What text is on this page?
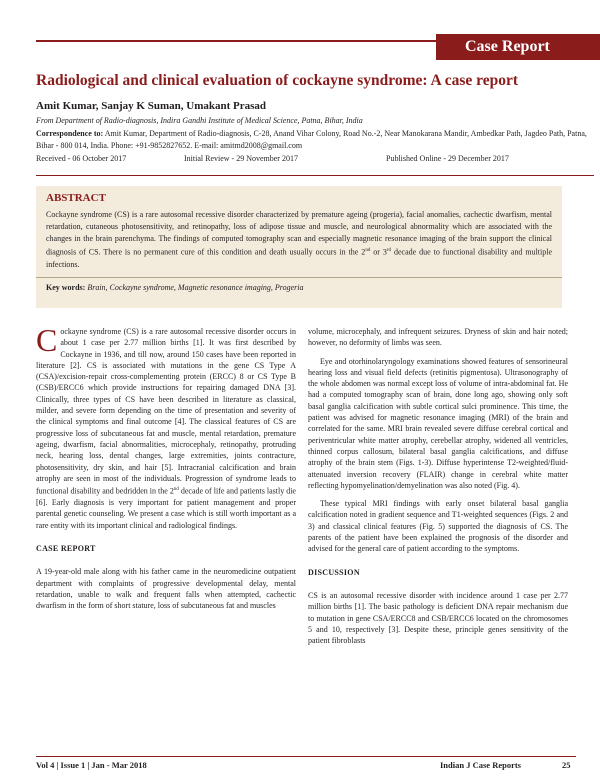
Case Report
Radiological and clinical evaluation of cockayne syndrome: A case report
Amit Kumar, Sanjay K Suman, Umakant Prasad
From Department of Radio-diagnosis, Indira Gandhi Institute of Medical Science, Patna, Bihar, India
Correspondence to: Amit Kumar, Department of Radio-diagnosis, C-28, Anand Vihar Colony, Road No.-2, Near Manokarana Mandir, Ambedkar Path, Jagdeo Path, Patna, Bihar - 800 014, India. Phone: +91-9852827652. E-mail: amitmd2008@gmail.com
Received - 06 October 2017	Initial Review - 29 November 2017	Published Online - 29 December 2017
ABSTRACT
Cockayne syndrome (CS) is a rare autosomal recessive disorder characterized by premature ageing (progeria), facial anomalies, cachectic dwarfism, mental retardation, cutaneous photosensitivity, and retinopathy, loss of adipose tissue and muscle, and neurological abnormality which are associated with the changes in the brain parenchyma. The findings of computed tomography scan and especially magnetic resonance imaging of the brain support the clinical diagnosis of CS. There is no permanent cure of this condition and death usually occurs in the 2nd or 3rd decade due to functional disability and multiple infections.
Key words: Brain, Cockayne syndrome, Magnetic resonance imaging, Progeria

Cockayne syndrome (CS) is a rare autosomal recessive disorder occurs in about 1 case per 2.77 million births [1]. It was first described by Cockayne in 1936, and till now, around 150 cases have been reported in literature [2]. CS is associated with mutations in the gene CS Type A (CSA)/excision-repair cross-complementing protein (ERCC) 8 or CS Type B (CSB)/ERCC6 which provide instructions for repairing damaged DNA [3]. Clinically, three types of CS have been described in literature as classical, milder, and severe form depending on the time of presentation and severity of the clinical symptoms and final outcome [4]. The classical features of CS are progressive loss of subcutaneous fat and muscle, mental retardation, premature ageing, dwarfism, facial abnormalities, microcephaly, retinopathy, protruding neck, hearing loss, dental changes, large extremities, joints contracture, photosensitivity, dry skin, and hair [5]. Intracranial calcification and brain atrophy are seen in most of the individuals. Progression of syndrome leads to functional disability and bedridden in the 2nd decade of life and patients lastly die [6]. Early diagnosis is very important for patient management and proper parental genetic counseling. We present a case which is still worth important as a rare entity with its important clinical and radiological findings.

CASE REPORT

A 19-year-old male along with his father came in the neuromedicine outpatient department with complaints of progressive developmental delay, mental retardation, unable to walk and frequent falls when attempted, cachectic dwarfism in the form of short stature, loss of subcutaneous fat and muscles

volume, microcephaly, and infrequent seizures. Dryness of skin and hair noted; however, no deformity of limbs was seen.

Eye and otorhinolaryngology examinations showed features of sensorineural hearing loss and visual field defects (retinitis pigmentosa). Ultrasonography of the whole abdomen was normal except loss of volume of intra-abdominal fat. He had a computed tomography scan of brain, done long ago, showing only soft basal ganglia calcification with subtle cortical sulci prominence. This time, the patient was advised for magnetic resonance imaging (MRI) of the brain and correlated for the same. MRI brain revealed severe diffuse cerebral cortical and periventricular white matter atrophy, cerebellar atrophy, widened all ventricles, thinned corpus callosum, bilateral basal ganglia calcifications, and diffuse atrophy of the brain stem (Figs. 1-3). Diffuse hyperintense T2-weighted/fluid-attenuated inversion recovery (FLAIR) change in cerebral white matter reflecting hypomyelination/demyelination was also noted (Fig. 4).

These typical MRI findings with early onset bilateral basal ganglia calcification noted in gradient sequence and T1-weighted sequences (Figs. 2 and 3) and classical clinical features (Fig. 5) supported the diagnosis of CS. The parents of the patient have been explained the prognosis of the disorder and advised for the general care of patient according to the symptoms.

DISCUSSION

CS is an autosomal recessive disorder with incidence around 1 case per 2.77 million births [1]. The basic pathology is deficient DNA repair mechanism due to mutation in gene CSA/ERCC8 and CSB/ERCC6 located on the chromosomes 5 and 10, respectively [3]. Despite these, principle genes sensitivity of the patient fibroblasts

Vol 4 | Issue 1 | Jan - Mar 2018	Indian J Case Reports	25
